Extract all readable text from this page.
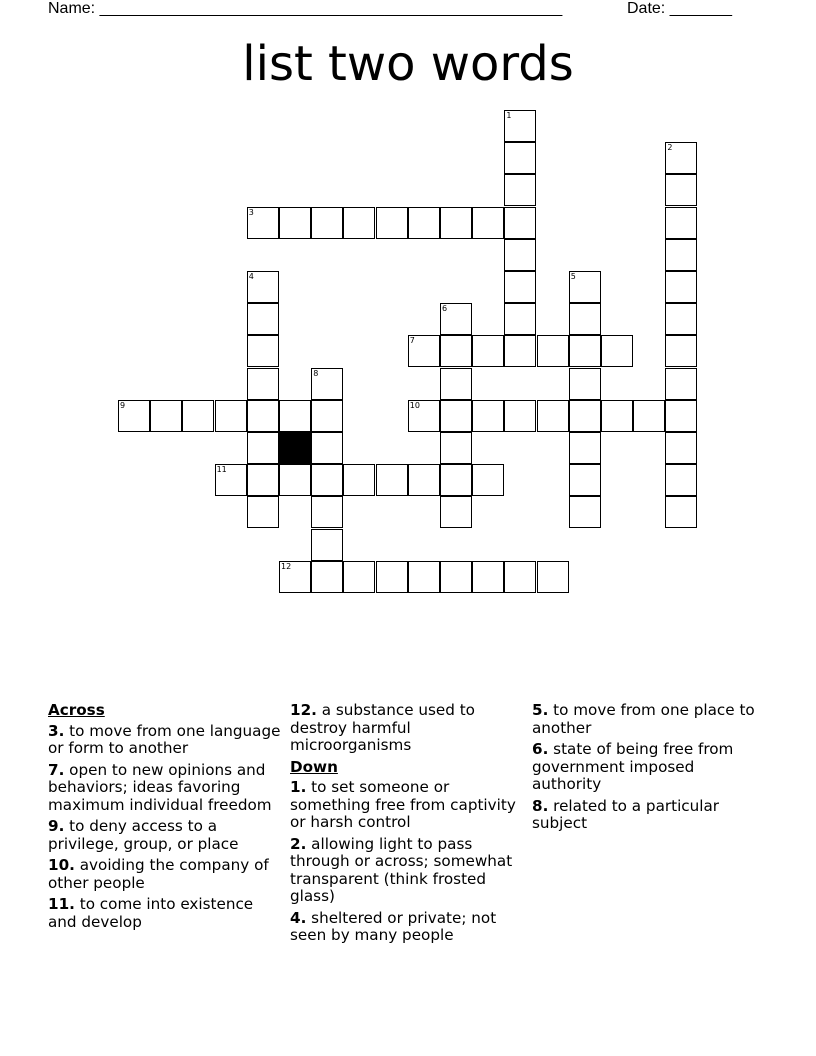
Name: ____________________________________________________	Date: _______
list two words
1
2
3
4	5
6
7
8
9	10
11
12
Across
3. to move from one language or form to another
7. open to new opinions and behaviors; ideas favoring maximum individual freedom
9. to deny access to a privilege, group, or place
10. avoiding the company of other people
11. to come into existence and develop
12. a substance used to destroy harmful microorganisms
Down
1. to set someone or something free from captivity or harsh control
2. allowing light to pass through or across; somewhat transparent (think frosted glass)
4. sheltered or private; not seen by many people
5. to move from one place to another
6. state of being free from government imposed authority
8. related to a particular subject
